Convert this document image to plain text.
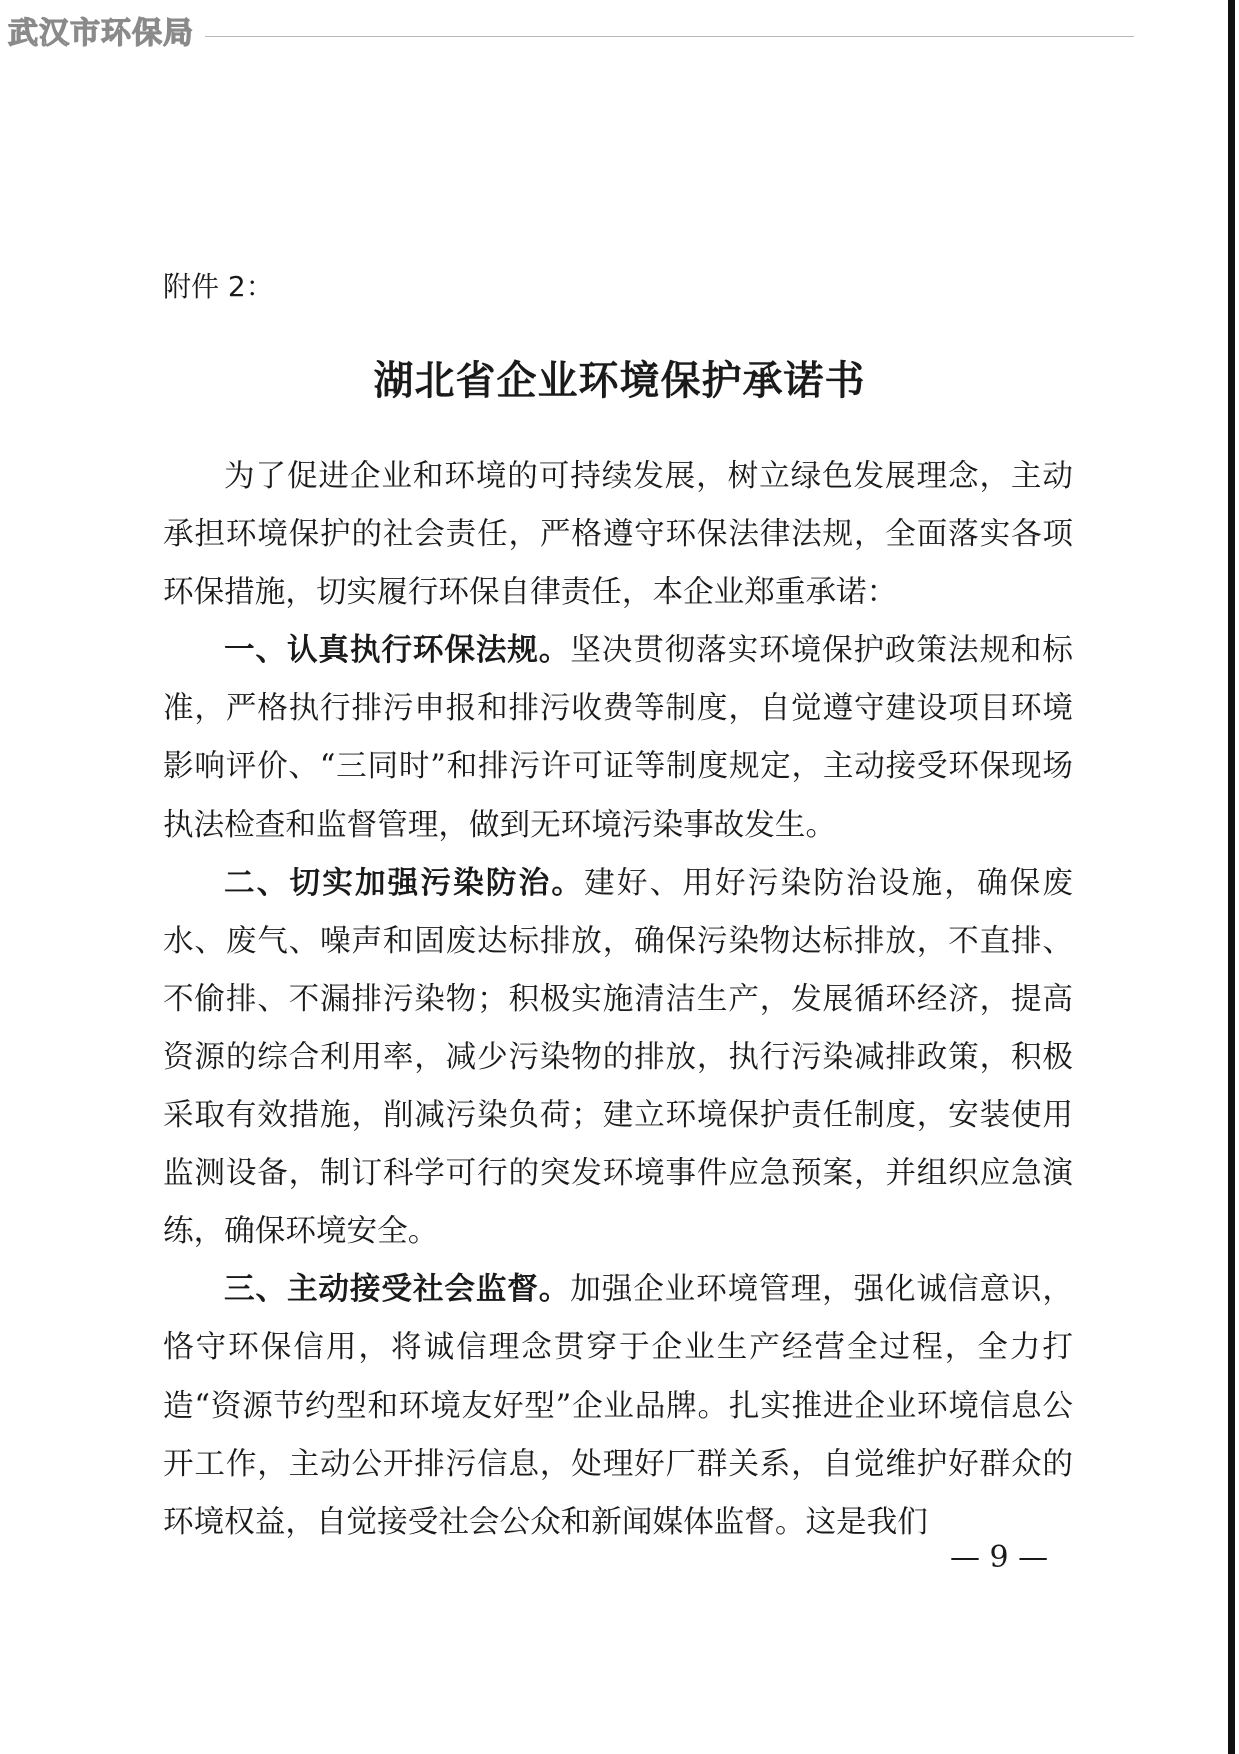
武汉市环保局
附件 2：
湖北省企业环境保护承诺书

为了促进企业和环境的可持续发展，树立绿色发展理念，主动承担环境保护的社会责任，严格遵守环保法律法规，全面落实各项环保措施，切实履行环保自律责任，本企业郑重承诺：

一、认真执行环保法规。坚决贯彻落实环境保护政策法规和标准，严格执行排污申报和排污收费等制度，自觉遵守建设项目环境影响评价、“三同时”和排污许可证等制度规定，主动接受环保现场执法检查和监督管理，做到无环境污染事故发生。

二、切实加强污染防治。建好、用好污染防治设施，确保废水、废气、噪声和固废达标排放，确保污染物达标排放，不直排、不偷排、不漏排污染物；积极实施清洁生产，发展循环经济，提高资源的综合利用率，减少污染物的排放，执行污染减排政策，积极采取有效措施，削减污染负荷；建立环境保护责任制度，安装使用监测设备，制订科学可行的突发环境事件应急预案，并组织应急演练，确保环境安全。

三、主动接受社会监督。加强企业环境管理，强化诚信意识，恪守环保信用，将诚信理念贯穿于企业生产经营全过程，全力打造“资源节约型和环境友好型”企业品牌。扎实推进企业环境信息公开工作，主动公开排污信息，处理好厂群关系，自觉维护好群众的环境权益，自觉接受社会公众和新闻媒体监督。这是我们

— 9 —
